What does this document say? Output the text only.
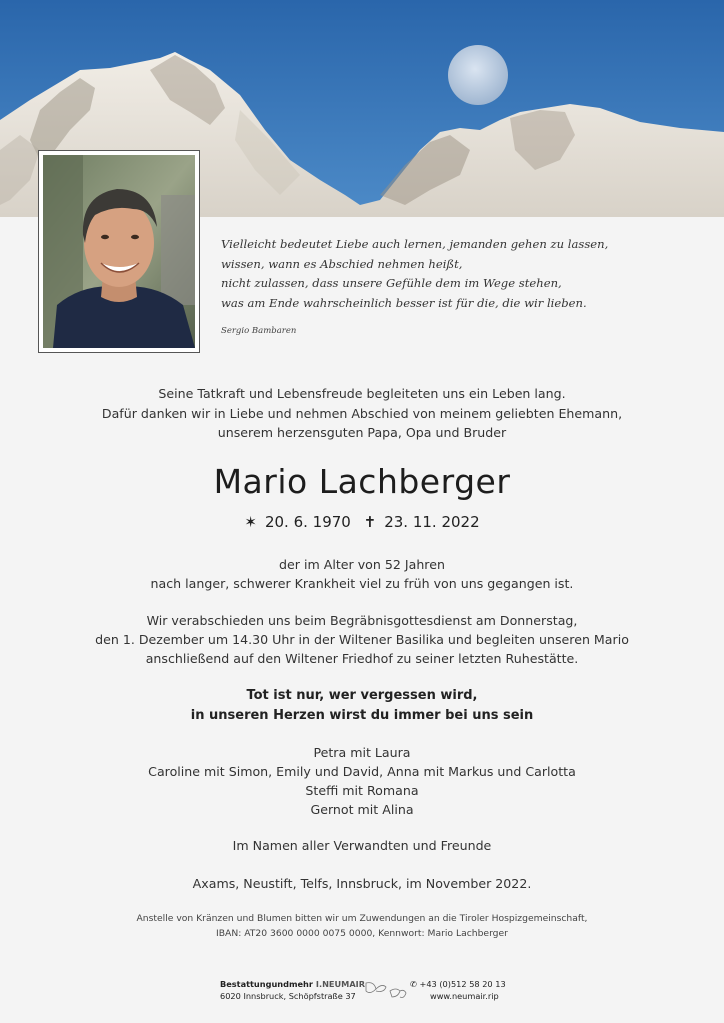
Vielleicht bedeutet Liebe auch lernen, jemanden gehen zu lassen,
wissen, wann es Abschied nehmen heißt,
nicht zulassen, dass unsere Gefühle dem im Wege stehen,
was am Ende wahrscheinlich besser ist für die, die wir lieben.
Sergio Bambaren
Seine Tatkraft und Lebensfreude begleiteten uns ein Leben lang.
Dafür danken wir in Liebe und nehmen Abschied von meinem geliebten Ehemann,
unserem herzensguten Papa, Opa und Bruder
Mario Lachberger
✶ 20. 6. 1970 ✝ 23. 11. 2022
der im Alter von 52 Jahren
nach langer, schwerer Krankheit viel zu früh von uns gegangen ist.
Wir verabschieden uns beim Begräbnisgottesdienst am Donnerstag,
den 1. Dezember um 14.30 Uhr in der Wiltener Basilika und begleiten unseren Mario
anschließend auf den Wiltener Friedhof zu seiner letzten Ruhestätte.
Tot ist nur, wer vergessen wird,
in unseren Herzen wirst du immer bei uns sein
Petra mit Laura
Caroline mit Simon, Emily und David, Anna mit Markus und Carlotta
Steffi mit Romana
Gernot mit Alina
Im Namen aller Verwandten und Freunde
Axams, Neustift, Telfs, Innsbruck, im November 2022.
Anstelle von Kränzen und Blumen bitten wir um Zuwendungen an die Tiroler Hospizgemeinschaft,
IBAN: AT20 3600 0000 0075 0000, Kennwort: Mario Lachberger
Bestattungundmehr I.NEUMAIR
6020 Innsbruck, Schöpfstraße 37
✆ +43 (0)512 58 20 13
www.neumair.rip
